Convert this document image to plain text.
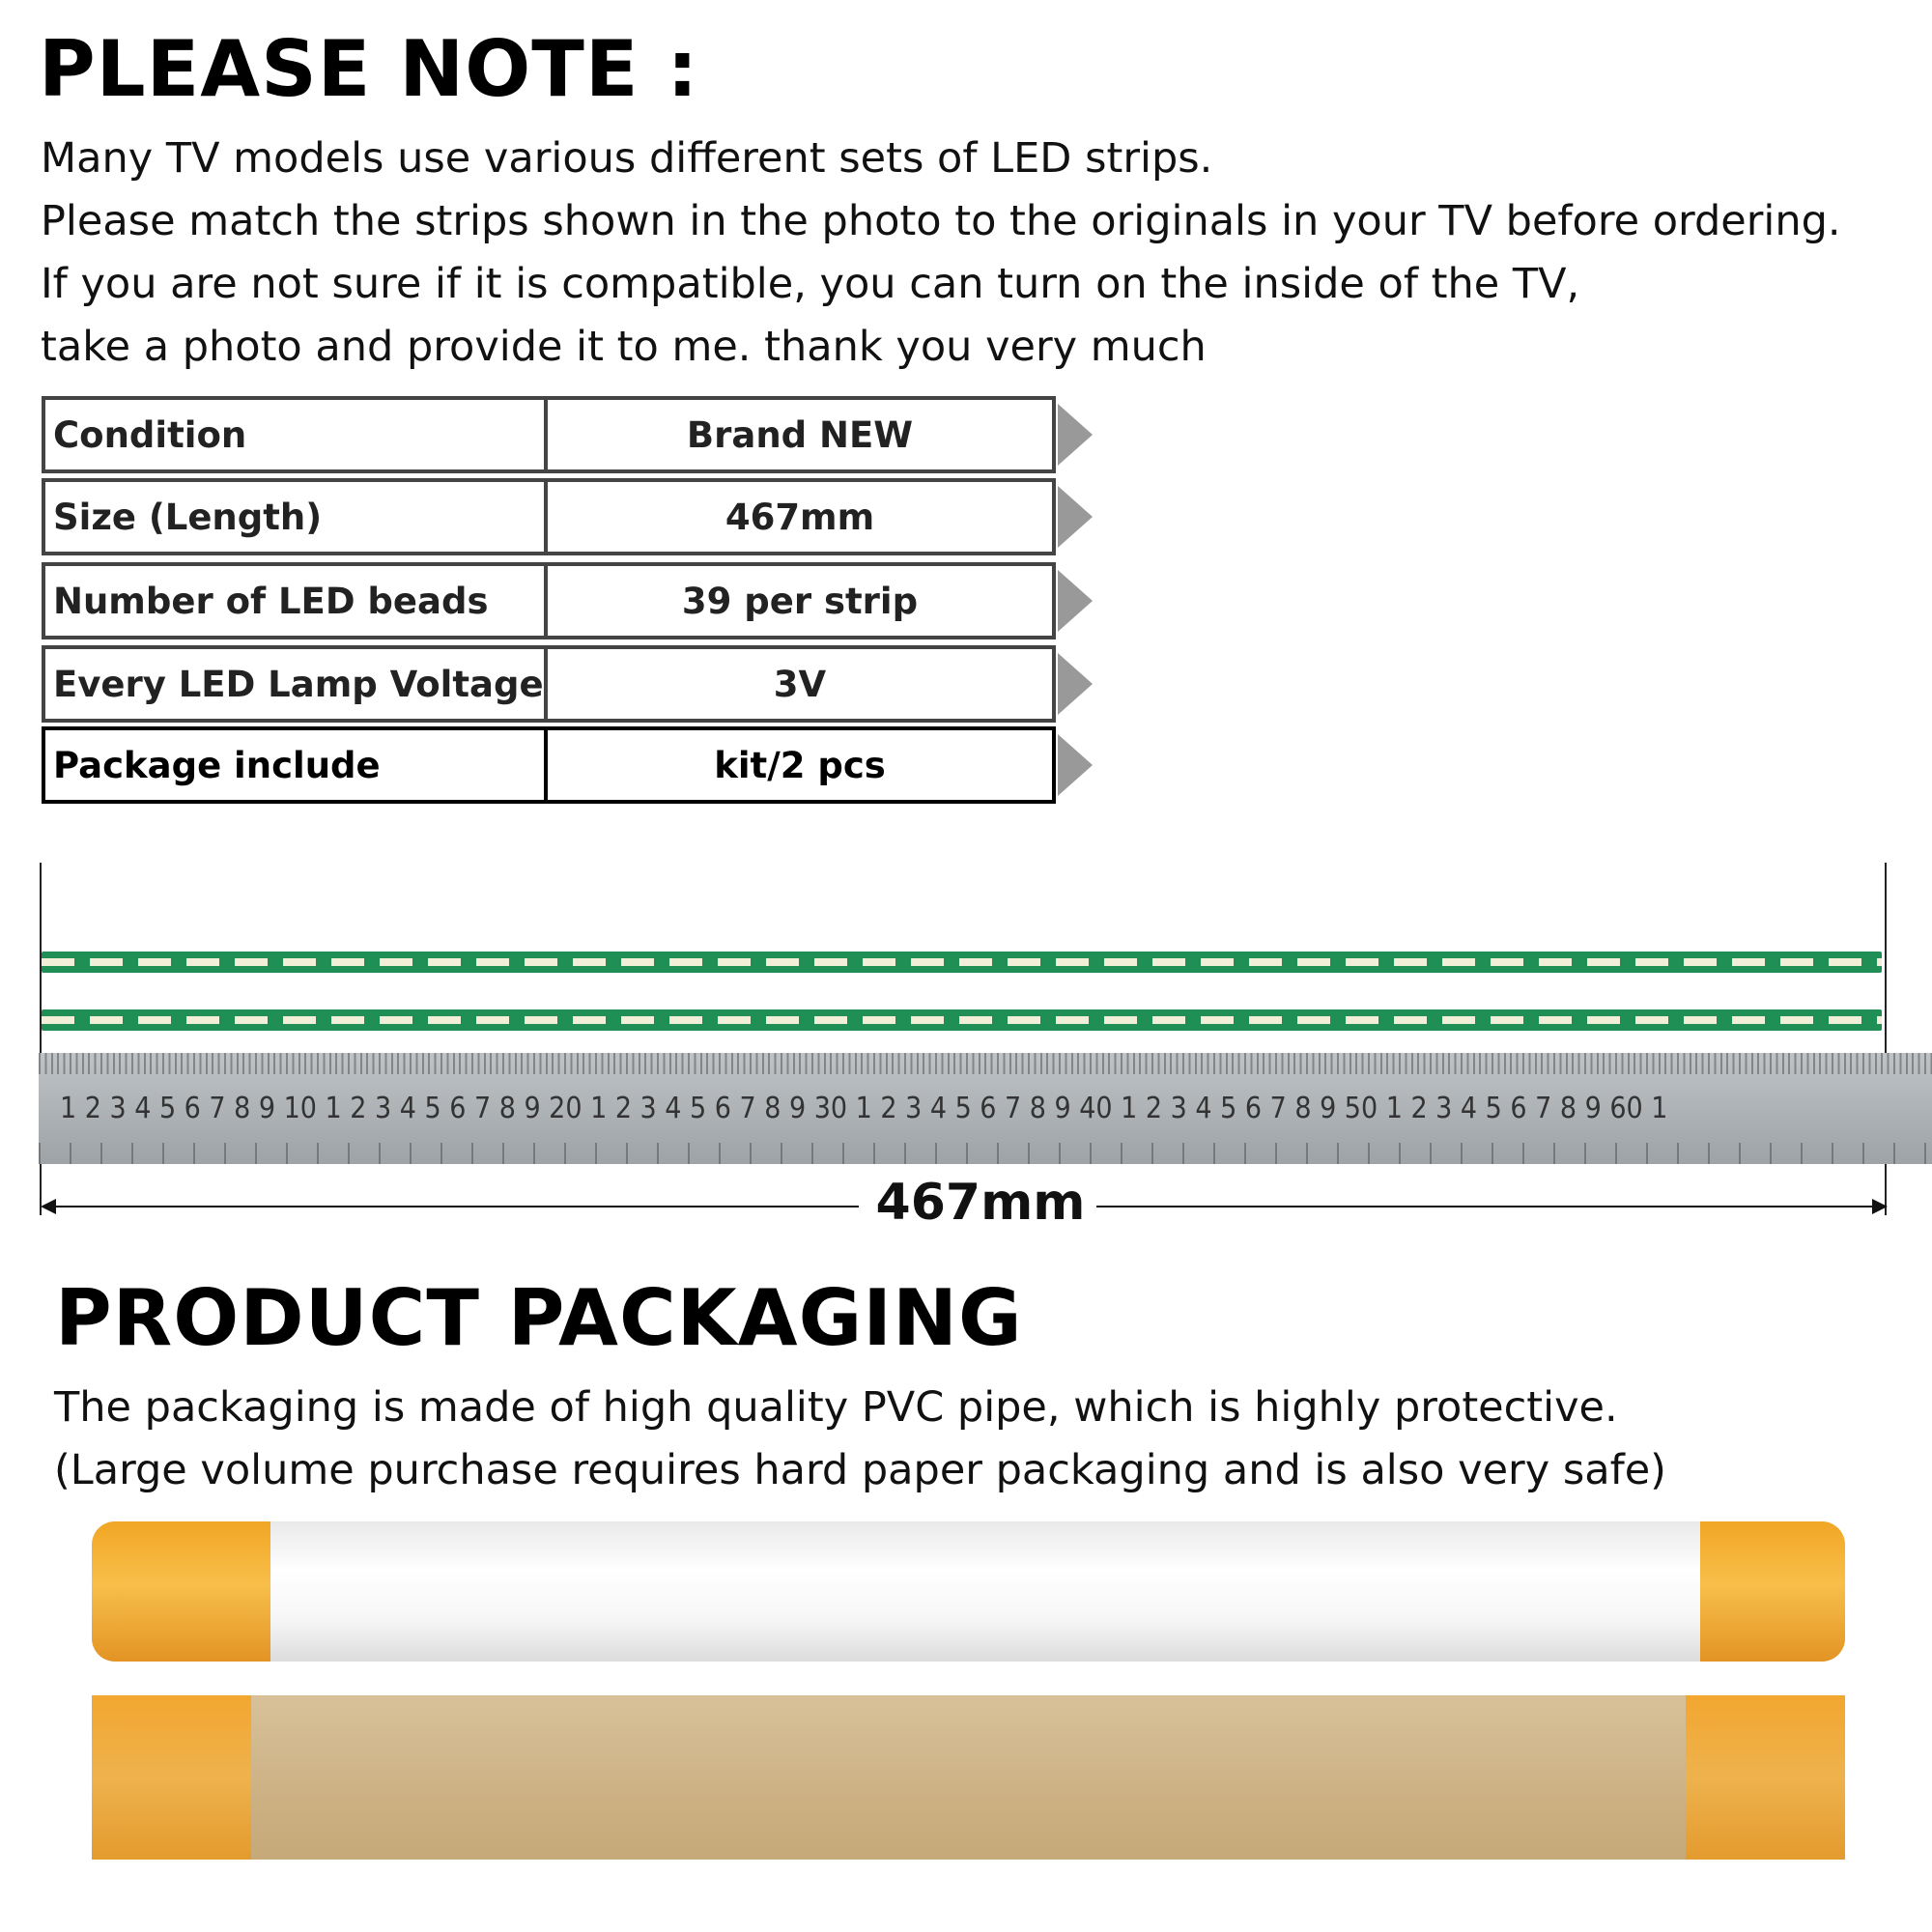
PLEASE NOTE :
Many TV models use various different sets of LED strips.
Please match the strips shown in the photo to the originals in your TV before ordering.
If you are not sure if it is compatible, you can turn on the inside of the TV,
take a photo and provide it to me. thank you very much
Condition	Brand NEW
Size (Length)	467mm
Number of LED beads	39 per strip
Every LED Lamp Voltage	3V
Package include	kit/2 pcs
1 2 3 4 5 6 7 8 9 10 1 2 3 4 5 6 7 8 9 20 1 2 3 4 5 6 7 8 9 30 1 2 3 4 5 6 7 8 9 40 1 2 3 4 5 6 7 8 9 50 1 2 3 4 5 6 7 8 9 60 1
467mm
PRODUCT PACKAGING
The packaging is made of high quality PVC pipe, which is highly protective.
(Large volume purchase requires hard paper packaging and is also very safe)
